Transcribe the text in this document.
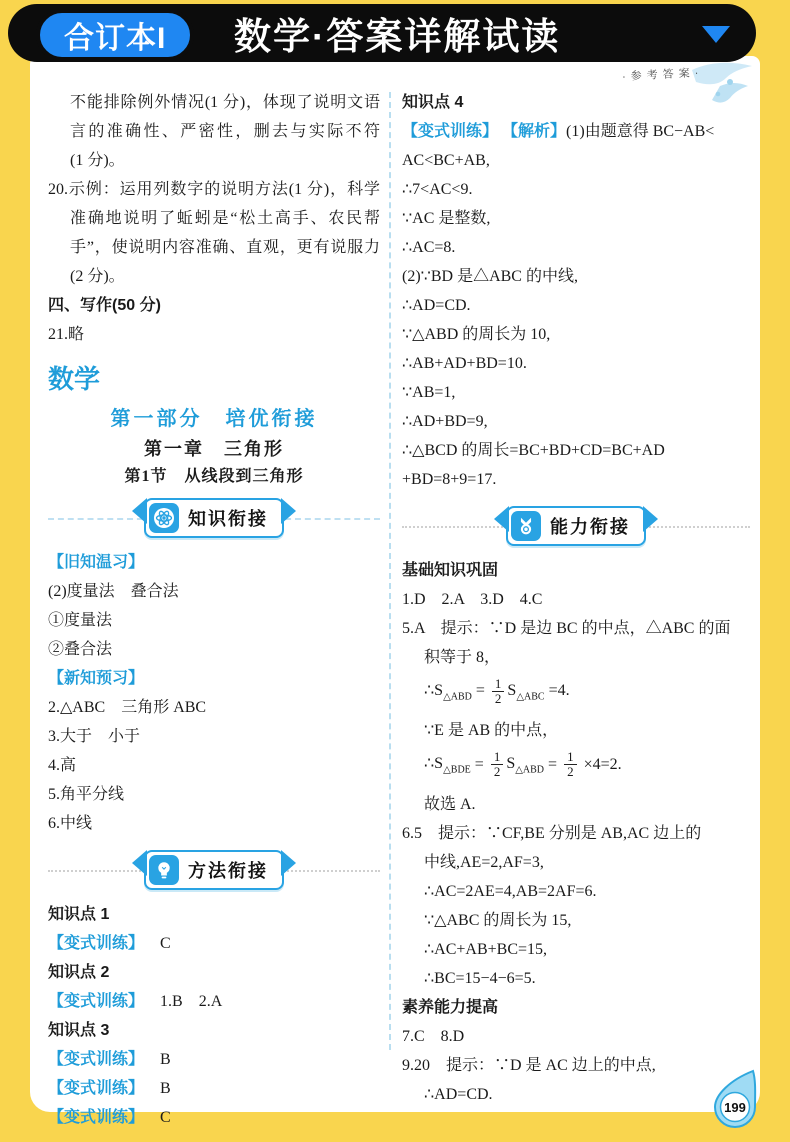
合订本I	数学·答案详解试读
·参考答案·
不能排除例外情况(1 分)，体现了说明文语
言的准确性、严密性，删去与实际不符
(1 分)。
20.示例：运用列数字的说明方法(1 分)，科学
准确地说明了蚯蚓是“松土高手、农民帮
手”，使说明内容准确、直观，更有说服力
(2 分)。
四、写作(50 分)
21.略
数学
第一部分　培优衔接
第一章　三角形
第1节　从线段到三角形
知识衔接
【旧知温习】
(2)度量法　叠合法
①度量法
②叠合法
【新知预习】
2.△ABC　三角形 ABC
3.大于　小于
4.高
5.角平分线
6.中线
方法衔接
知识点 1
【变式训练】 C
知识点 2
【变式训练】 1.B　2.A
知识点 3
【变式训练】 B
【变式训练】 B
【变式训练】 C
知识点 4
【变式训练】 【解析】(1)由题意得 BC−AB<
AC<BC+AB,
∴7<AC<9.
∵AC 是整数,
∴AC=8.
(2)∵BD 是△ABC 的中线,
∴AD=CD.
∵△ABD 的周长为 10,
∴AB+AD+BD=10.
∵AB=1,
∴AD+BD=9,
∴△BCD 的周长=BC+BD+CD=BC+AD
+BD=8+9=17.
能力衔接
基础知识巩固
1.D　2.A　3.D　4.C
5.A　提示：∵D 是边 BC 的中点，△ABC 的面
积等于 8，
$\therefore S_{\triangle ABD} = \frac{1}{2} S_{\triangle ABC} =4$.
∵E 是 AB 的中点，
$\therefore S_{\triangle BDE} = \frac{1}{2} S_{\triangle ABD} = \frac{1}{2} \times 4=2$.
故选 A.
6.5　提示：∵CF,BE 分别是 AB,AC 边上的
中线,AE=2,AF=3,
∴AC=2AE=4,AB=2AF=6.
∵△ABC 的周长为 15,
∴AC+AB+BC=15,
∴BC=15−4−6=5.
素养能力提高
7.C　8.D
9.20　提示：∵D 是 AC 边上的中点,
∴AD=CD.
199
